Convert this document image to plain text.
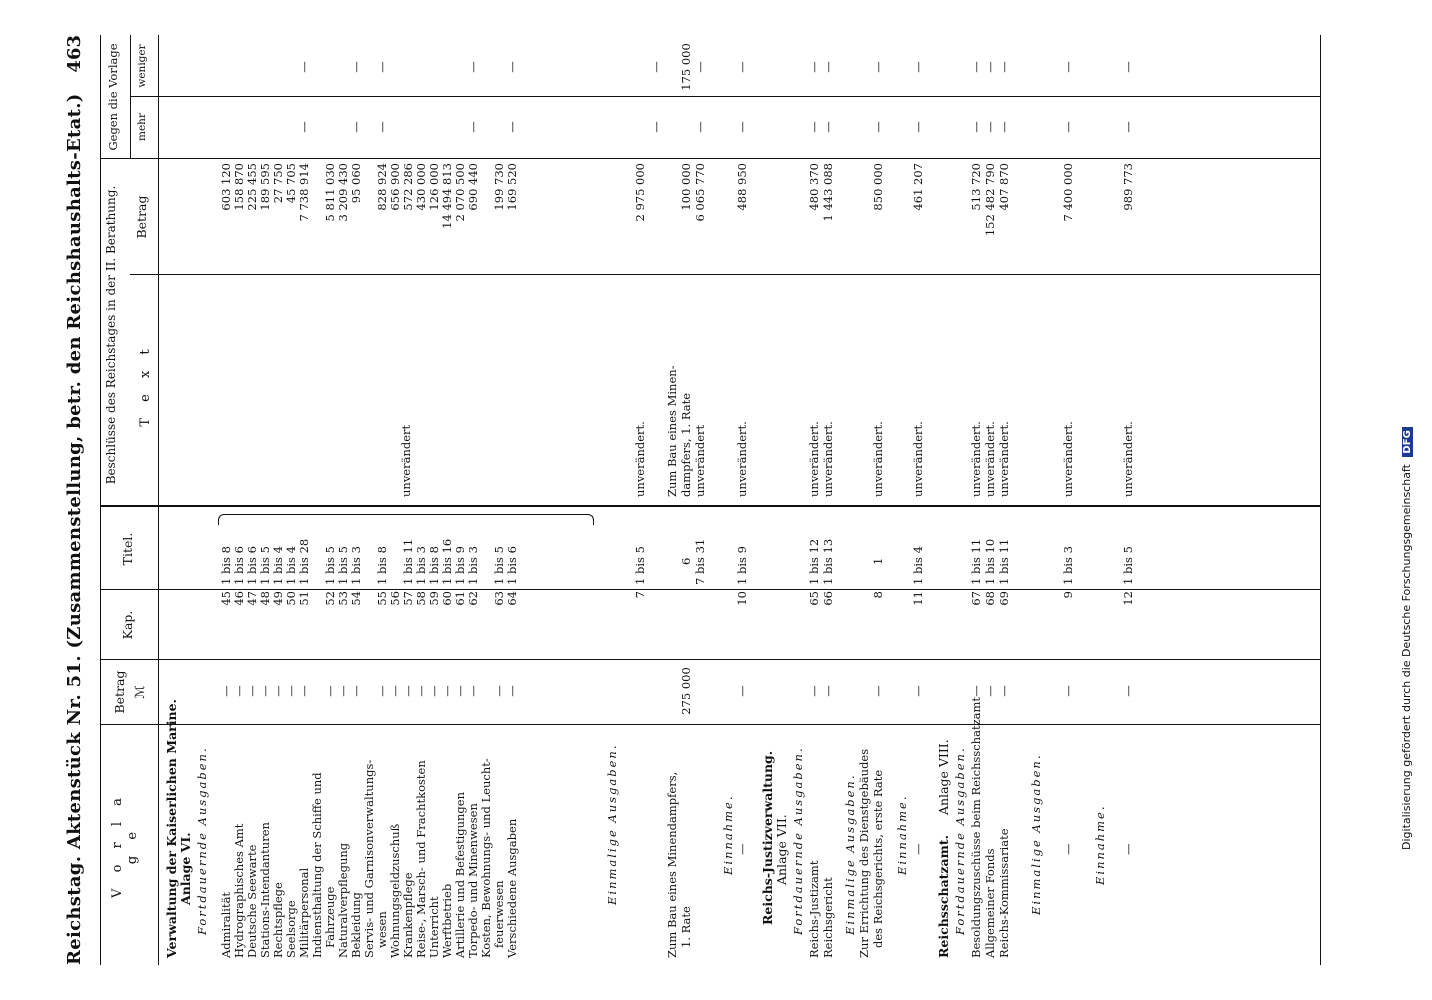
Reichstag. Aktenstück Nr. 51. (Zusammenstellung, betr. den Reichshaushalts-Etat.)
463
V o r l a g e
Betrag ℳ
Kap.
Titel.
Beschlüsse des Reichstages in der II. Berathung. T e x t
Betrag
Gegen die Vorlage mehr
weniger
Verwaltung der Kaiserlichen Marine. Anlage VI. Fortdauernde Ausgaben. Admiralität
—
45
1 bis 8
603 120
Hydrographisches Amt
—
46
1 bis 6
158 870
Deutsche Seewarte
—
47
1 bis 6
225 455
Stations-Intendanturen
—
48
1 bis 5
189 595
Rechtspflege
—
49
1 bis 4
27 750
Seelsorge
—
50
1 bis 4
45 705
Militärpersonal
—
51
1 bis 28
7 738 914
—
—
Indiensthaltung der Schiffe und Fahrzeuge
—
52
1 bis 5
5 811 030
Naturalverpflegung
—
53
1 bis 5
3 209 430
Bekleidung
—
54
1 bis 3
95 060
—
—
Servis- und Garnisonverwaltungs- wesen
—
55
1 bis 8
828 924
—
—
Wohnungsgeldzuschuß
—
56
656 900
Krankenpflege
—
57
1 bis 11
572 286
Reise-, Marsch- und Frachtkosten
—
58
1 bis 3
430 000
Unterricht
—
59
1 bis 8
126 000
Werftbetrieb
—
60
1 bis 16
14 494 813
Artillerie und Befestigungen
—
61
1 bis 9
2 070 500
Torpedo- und Minenwesen
—
62
1 bis 3
690 440
—
—
Kosten, Bewohnungs- und Leucht- feuerwesen
—
63
1 bis 5
199 730
Verschiedene Ausgaben
—
64
1 bis 6
169 520
—
—
unverändert
Einmalige Ausgaben.
7
1 bis 5
unverändert.
2 975 000
—
—
Zum Bau eines Minendampfers,
Zum Bau eines Minen-
1. Rate
275 000
6
dampfers, 1. Rate
100 000
175 000
7 bis 31
unverändert
6 065 770
—
—
Einnahme. —
—
10
1 bis 9
unverändert.
488 950
—
—
Reichs-Justizverwaltung. Anlage VII. Fortdauernde Ausgaben. Reichs-Justizamt
—
65
1 bis 12
unverändert.
480 370
—
—
Reichsgericht
—
66
1 bis 13
unverändert.
1 443 088
—
—
Einmalige Ausgaben. Zur Errichtung des Dienstgebäudes des Reichsgerichts, erste Rate
—
8
1
unverändert.
850 000
—
—
Einnahme. —
—
11
1 bis 4
unverändert.
461 207
—
—
Reichsschatzamt.
Anlage VIII. Fortdauernde Ausgaben. Besoldungszuschüsse beim Reichsschatzamt
—
67
1 bis 11
unverändert.
513 720
—
—
Allgemeiner Fonds
—
68
1 bis 10
unverändert.
152 482 790
—
—
Reichs-Kommissariate
—
69
1 bis 11
unverändert.
407 870
—
—
Einmalige Ausgaben. —
—
9
1 bis 3
unverändert.
7 400 000
—
—
Einnahme. —
—
12
1 bis 5
unverändert.
989 773
—
—
Digitalisierung gefördert durch die Deutsche Forschungsgemeinschaft DFG
